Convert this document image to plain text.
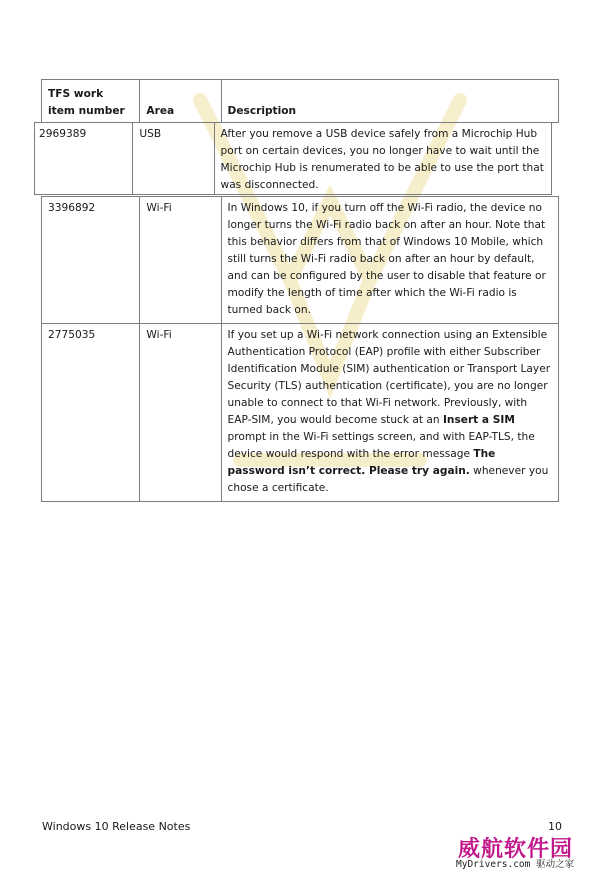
TFS work item number	Area	Description
2969389	USB	After you remove a USB device safely from a Microchip Hub port on certain devices, you no longer have to wait until the Microchip Hub is renumerated to be able to use the port that was disconnected.
3396892	Wi-Fi	In Windows 10, if you turn off the Wi-Fi radio, the device no longer turns the Wi-Fi radio back on after an hour. Note that this behavior differs from that of Windows 10 Mobile, which still turns the Wi-Fi radio back on after an hour by default, and can be configured by the user to disable that feature or modify the length of time after which the Wi-Fi radio is turned back on.
2775035	Wi-Fi	If you set up a Wi-Fi network connection using an Extensible Authentication Protocol (EAP) profile with either Subscriber Identification Module (SIM) authentication or Transport Layer Security (TLS) authentication (certificate), you are no longer unable to connect to that Wi-Fi network. Previously, with EAP-SIM, you would become stuck at an Insert a SIM prompt in the Wi-Fi settings screen, and with EAP-TLS, the device would respond with the error message The password isn’t correct. Please try again. whenever you chose a certificate.
Windows 10 Release Notes	10
威航软件园
MyDrivers.com 驱动之家
